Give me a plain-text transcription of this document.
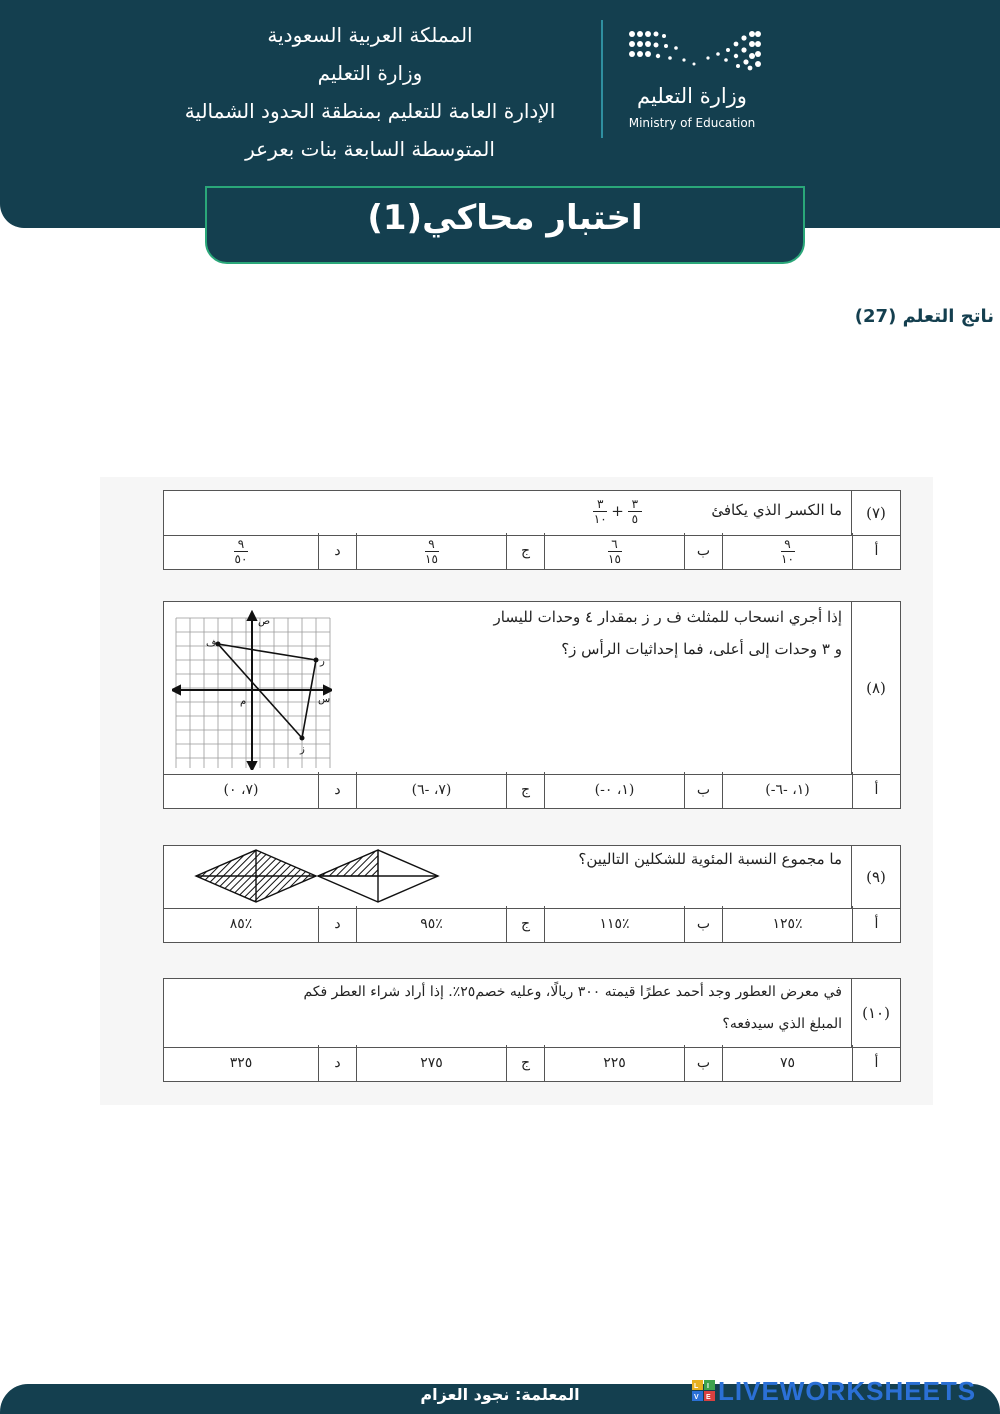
المملكة العربية السعودية
وزارة التعليم
الإدارة العامة للتعليم بمنطقة الحدود الشمالية
المتوسطة السابعة بنات بعرعر
وزارة التعليم
Ministry of Education
اختبار محاكي(1)
ناتج التعلم (27)
(٧)
ما الكسر الذي يكافئ
$\frac{٣}{٥}$
+
$\frac{٣}{١٠}$
أ
$\frac{٩}{١٠}$
ب
$\frac{٦}{١٥}$
ج
$\frac{٩}{١٥}$
د
$\frac{٩}{٥٠}$
(٨)
إذا أجري انسحاب للمثلث ف ر ز بمقدار ٤ وحدات لليسار
و ٣ وحدات إلى أعلى، فما إحداثيات الرأس ز؟
ف
ر
ز
م	س
ص
أ
(-١، -٦)
ب
(-١، ٠)
ج
(٧، -٦)
د
(٧، ٠)
(٩)
ما مجموع النسبة المئوية للشكلين التاليين؟
أ
١٢٥٪
ب
١١٥٪
ج
٩٥٪
د
٨٥٪
(١٠)
في معرض العطور وجد أحمد عطرًا قيمته ٣٠٠ ريالًا، وعليه خصم٢٥٪. إذا أراد شراء العطر فكم
المبلغ الذي سيدفعه؟
أ
٧٥
ب
٢٢٥
ج
٢٧٥
د
٣٢٥
المعلمة: نجود العزام	L I
V E LIVEWORKSHEETS
